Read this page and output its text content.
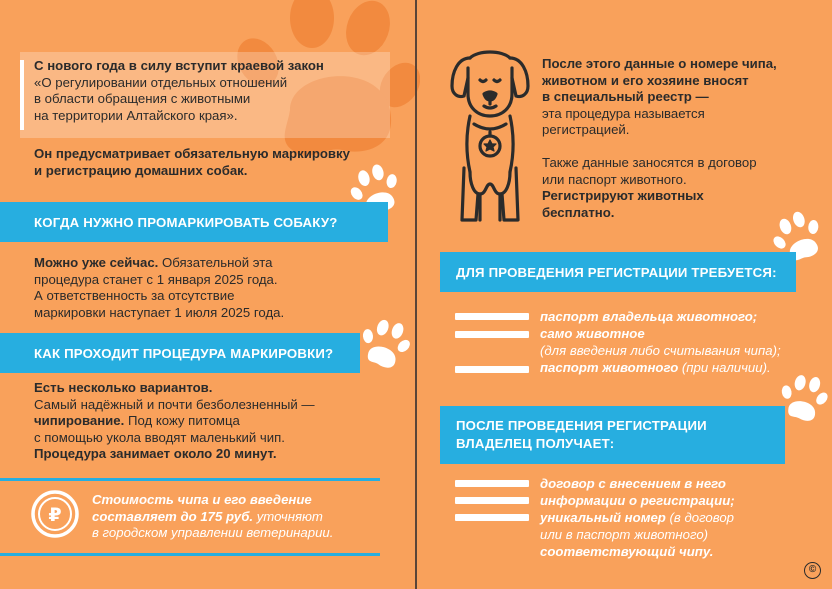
С нового года в силу вступит краевой закон
«О регулировании отдельных отношений
в области обращения с животными
на территории Алтайского края».
Он предусматривает обязательную маркировку
и регистрацию домашних собак.
КОГДА НУЖНО ПРОМАРКИРОВАТЬ СОБАКУ?
Можно уже сейчас. Обязательной эта
процедура станет с 1 января 2025 года.
А ответственность за отсутствие
маркировки наступает 1 июля 2025 года.
КАК ПРОХОДИТ ПРОЦЕДУРА МАРКИРОВКИ?
Есть несколько вариантов.
Самый надёжный и почти безболезненный —
чипирование. Под кожу питомца
с помощью укола вводят маленький чип.
Процедура занимает около 20 минут.
₽
Стоимость чипа и его введение
составляет до 175 руб. уточняют
в городском управлении ветеринарии.
После этого данные о номере чипа,
животном и его хозяине вносят
в специальный реестр —
эта процедура называется
регистрацией.
Также данные заносятся в договор
или паспорт животного.
Регистрируют животных
бесплатно.
ДЛЯ ПРОВЕДЕНИЯ РЕГИСТРАЦИИ ТРЕБУЕТСЯ:
паспорт владельца животного;
само животное
(для введения либо считывания чипа);
паспорт животного (при наличии).
ПОСЛЕ ПРОВЕДЕНИЯ РЕГИСТРАЦИИ
ВЛАДЕЛЕЦ ПОЛУЧАЕТ:
договор с внесением в него
информации о регистрации;
уникальный номер (в договор
или в паспорт животного)
соответствующий чипу.
©
